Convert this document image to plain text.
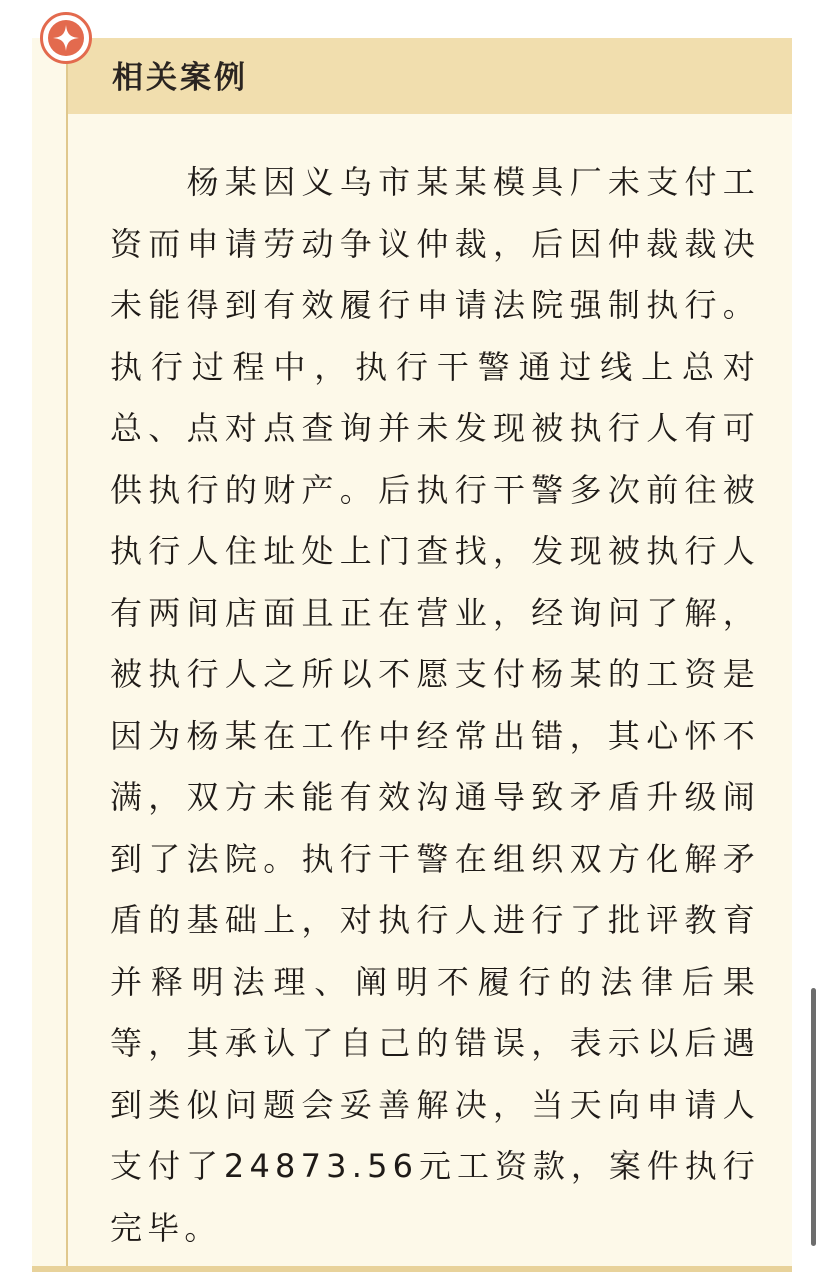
相关案例

　　杨某因义乌市某某模具厂未支付工资而申请劳动争议仲裁，后因仲裁裁决未能得到有效履行申请法院强制执行。执行过程中，执行干警通过线上总对总、点对点查询并未发现被执行人有可供执行的财产。后执行干警多次前往被执行人住址处上门查找，发现被执行人有两间店面且正在营业，经询问了解，被执行人之所以不愿支付杨某的工资是因为杨某在工作中经常出错，其心怀不满，双方未能有效沟通导致矛盾升级闹到了法院。执行干警在组织双方化解矛盾的基础上，对执行人进行了批评教育并释明法理、阐明不履行的法律后果等，其承认了自己的错误，表示以后遇到类似问题会妥善解决，当天向申请人支付了24873.56元工资款，案件执行完毕。
